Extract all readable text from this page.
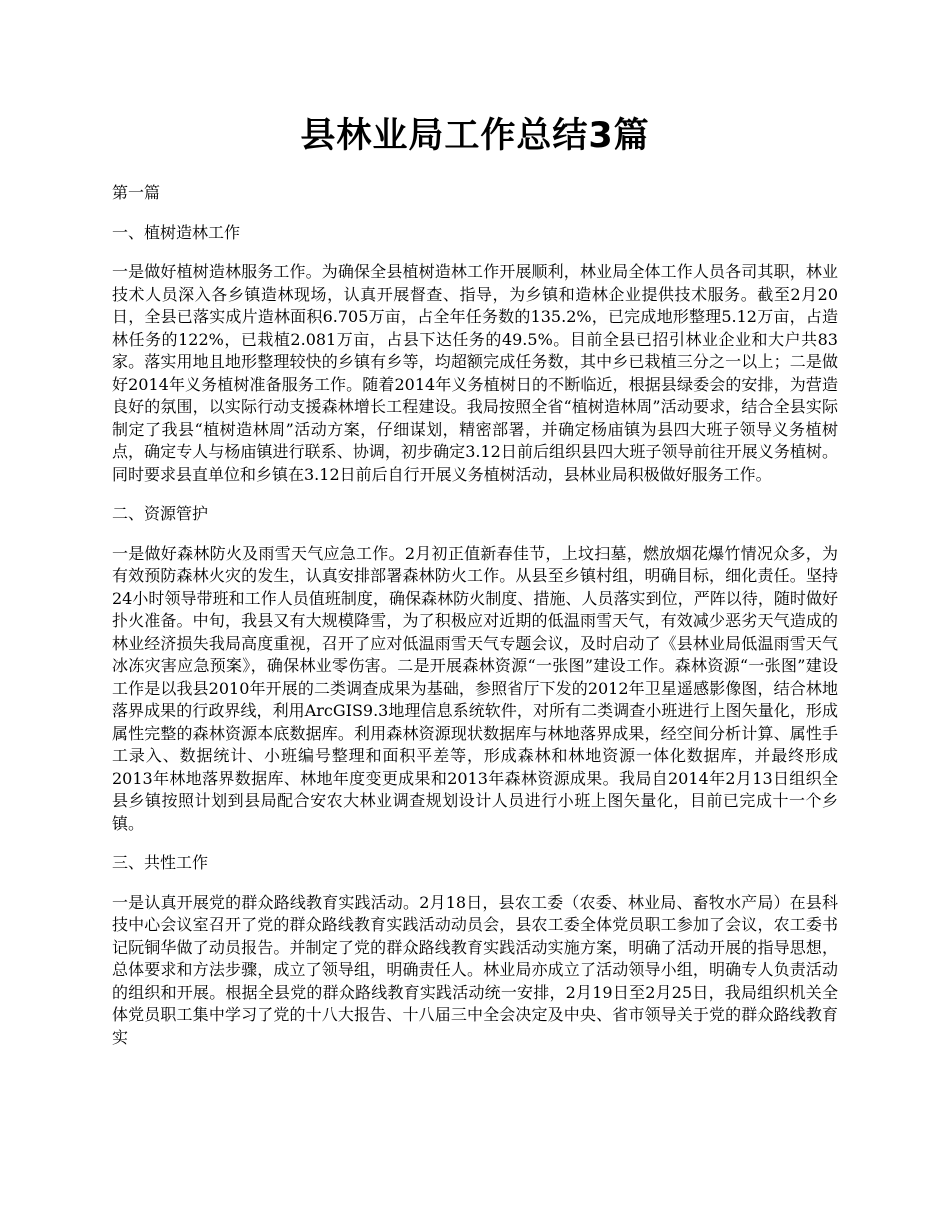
县林业局工作总结3篇
第一篇
一、植树造林工作
一是做好植树造林服务工作。为确保全县植树造林工作开展顺利，林业局全体工作人员各司其职，林业技术人员深入各乡镇造林现场，认真开展督查、指导，为乡镇和造林企业提供技术服务。截至2月20日，全县已落实成片造林面积6.705万亩，占全年任务数的135.2%，已完成地形整理5.12万亩，占造林任务的122%，已栽植2.081万亩，占县下达任务的49.5%。目前全县已招引林业企业和大户共83家。落实用地且地形整理较快的乡镇有乡等，均超额完成任务数，其中乡已栽植三分之一以上；二是做好2014年义务植树准备服务工作。随着2014年义务植树日的不断临近，根据县绿委会的安排，为营造良好的氛围，以实际行动支援森林增长工程建设。我局按照全省“植树造林周”活动要求，结合全县实际制定了我县“植树造林周”活动方案，仔细谋划，精密部署，并确定杨庙镇为县四大班子领导义务植树点，确定专人与杨庙镇进行联系、协调，初步确定3.12日前后组织县四大班子领导前往开展义务植树。同时要求县直单位和乡镇在3.12日前后自行开展义务植树活动，县林业局积极做好服务工作。
二、资源管护
一是做好森林防火及雨雪天气应急工作。2月初正值新春佳节，上坟扫墓，燃放烟花爆竹情况众多，为有效预防森林火灾的发生，认真安排部署森林防火工作。从县至乡镇村组，明确目标，细化责任。坚持24小时领导带班和工作人员值班制度，确保森林防火制度、措施、人员落实到位，严阵以待，随时做好扑火准备。中旬，我县又有大规模降雪，为了积极应对近期的低温雨雪天气，有效减少恶劣天气造成的林业经济损失我局高度重视，召开了应对低温雨雪天气专题会议，及时启动了《县林业局低温雨雪天气冰冻灾害应急预案》，确保林业零伤害。二是开展森林资源“一张图”建设工作。森林资源“一张图”建设工作是以我县2010年开展的二类调查成果为基础，参照省厅下发的2012年卫星遥感影像图，结合林地落界成果的行政界线，利用ArcGIS9.3地理信息系统软件，对所有二类调查小班进行上图矢量化，形成属性完整的森林资源本底数据库。利用森林资源现状数据库与林地落界成果，经空间分析计算、属性手工录入、数据统计、小班编号整理和面积平差等，形成森林和林地资源一体化数据库，并最终形成2013年林地落界数据库、林地年度变更成果和2013年森林资源成果。我局自2014年2月13日组织全县乡镇按照计划到县局配合安农大林业调查规划设计人员进行小班上图矢量化，目前已完成十一个乡镇。
三、共性工作
一是认真开展党的群众路线教育实践活动。2月18日，县农工委（农委、林业局、畜牧水产局）在县科技中心会议室召开了党的群众路线教育实践活动动员会，县农工委全体党员职工参加了会议，农工委书记阮铜华做了动员报告。并制定了党的群众路线教育实践活动实施方案，明确了活动开展的指导思想，总体要求和方法步骤，成立了领导组，明确责任人。林业局亦成立了活动领导小组，明确专人负责活动的组织和开展。根据全县党的群众路线教育实践活动统一安排，2月19日至2月25日，我局组织机关全体党员职工集中学习了党的十八大报告、十八届三中全会决定及中央、省市领导关于党的群众路线教育实
